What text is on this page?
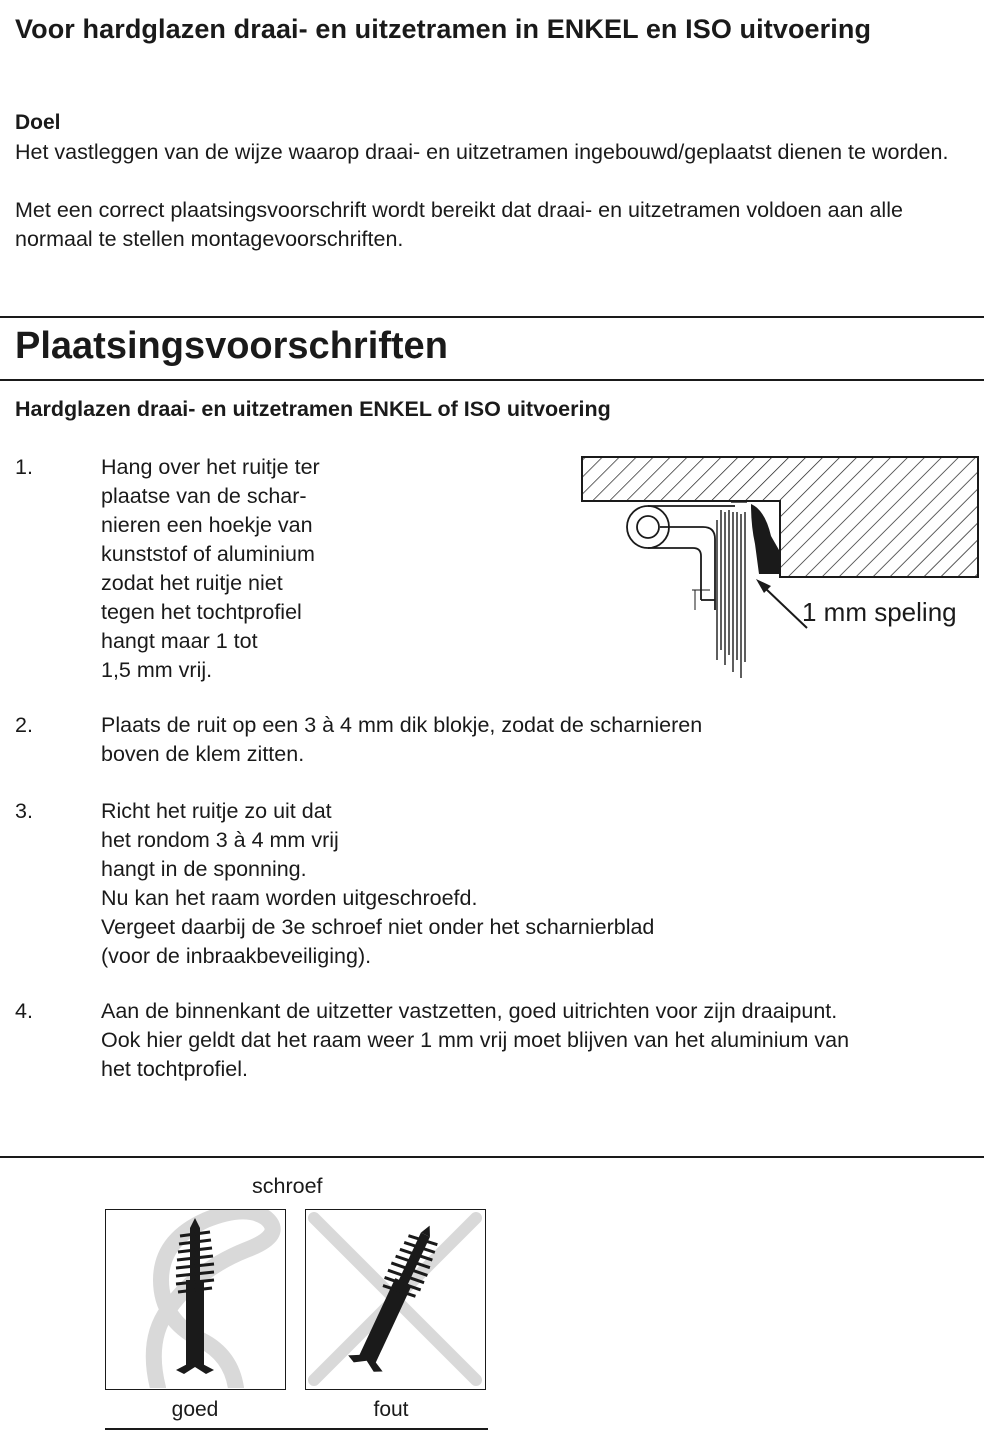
Voor hardglazen draai- en uitzetramen in ENKEL en ISO uitvoering
Doel
Het vastleggen van de wijze waarop draai- en uitzetramen ingebouwd/geplaatst dienen te worden.
Met een correct plaatsingsvoorschrift wordt bereikt dat draai- en uitzetramen voldoen aan alle normaal te stellen montagevoorschriften.
Plaatsingsvoorschriften
Hardglazen draai- en uitzetramen ENKEL of ISO uitvoering
1.	Hang over het ruitje ter
plaatse van de schar-
nieren een hoekje van
kunststof of aluminium
zodat het ruitje niet
tegen het tochtprofiel
hangt maar 1 tot
1,5 mm vrij.
2.	Plaats de ruit op een 3 à 4 mm dik blokje, zodat de scharnieren
boven de klem zitten.
3.	Richt het ruitje zo uit dat
het rondom 3 à 4 mm vrij
hangt in de sponning.
Nu kan het raam worden uitgeschroefd.
Vergeet daarbij de 3e schroef niet onder het scharnierblad
(voor de inbraakbeveiliging).
4.	Aan de binnenkant de uitzetter vastzetten, goed uitrichten voor zijn draaipunt.
Ook hier geldt dat het raam weer 1 mm vrij moet blijven van het aluminium van
het tochtprofiel.
1 mm speling
schroef
goed	fout
